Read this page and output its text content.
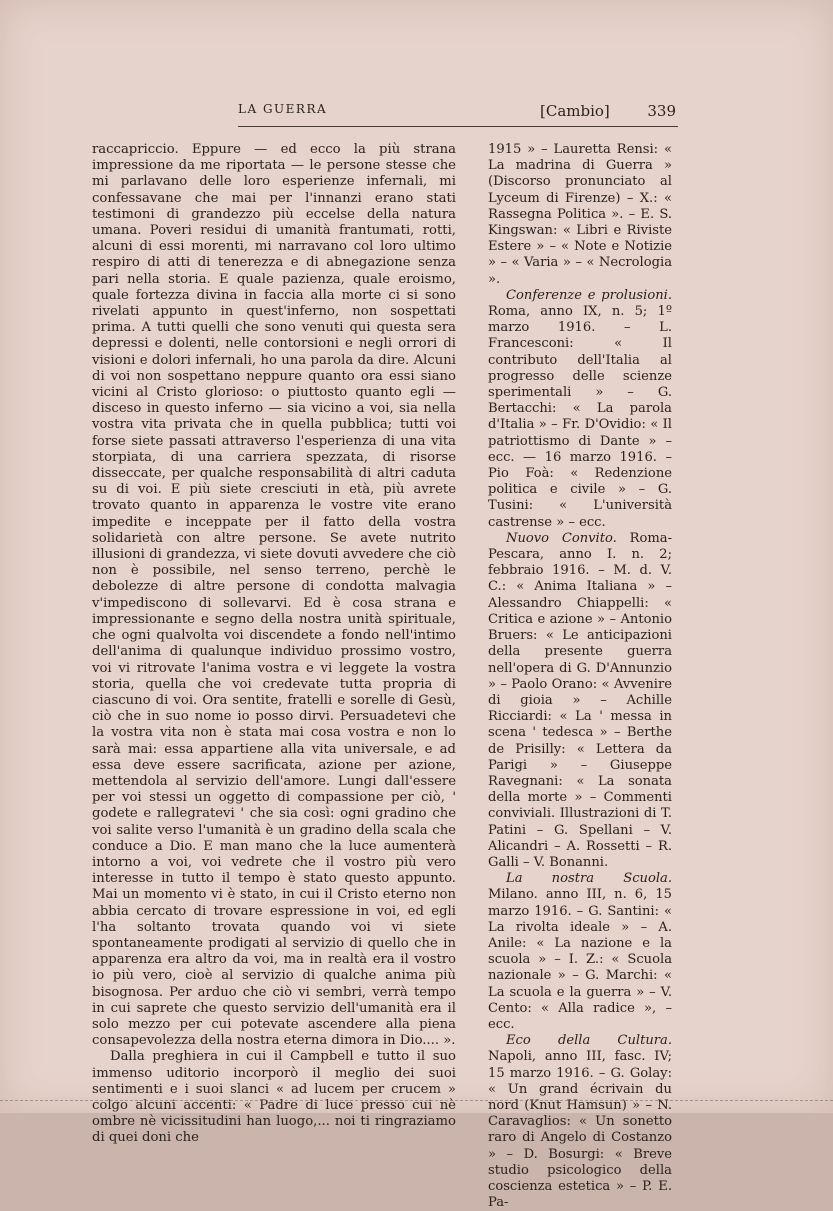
LA GUERRA	[Cambio]	339

raccapriccio. Eppure — ed ecco la più strana impressione da me riportata — le persone stesse che mi parlavano delle loro esperienze infernali, mi confessavane che mai per l'innanzi erano stati testimoni di grandezzo più eccelse della natura umana. Poveri residui di umanità frantumati, rotti, alcuni di essi morenti, mi narravano col loro ultimo respiro di atti di tenerezza e di abnegazione senza pari nella storia. E quale pazienza, quale eroismo, quale fortezza divina in faccia alla morte ci si sono rivelati appunto in quest'inferno, non sospettati prima. A tutti quelli che sono venuti qui questa sera depressi e dolenti, nelle contorsioni e negli orrori di visioni e dolori infernali, ho una parola da dire. Alcuni di voi non sospettano neppure quanto ora essi siano vicini al Cristo glorioso: o piuttosto quanto egli — disceso in questo inferno — sia vicino a voi, sia nella vostra vita privata che in quella pubblica; tutti voi forse siete passati attraverso l'esperienza di una vita storpiata, di una carriera spezzata, di risorse disseccate, per qualche responsabilità di altri caduta su di voi. E più siete cresciuti in età, più avrete trovato quanto in apparenza le vostre vite erano impedite e inceppate per il fatto della vostra solidarietà con altre persone. Se avete nutrito illusioni di grandezza, vi siete dovuti avvedere che ciò non è possibile, nel senso terreno, perchè le debolezze di altre persone di condotta malvagia v'impediscono di sollevarvi. Ed è cosa strana e impressionante e segno della nostra unità spirituale, che ogni qualvolta voi discendete a fondo nell'intimo dell'anima di qualunque individuo prossimo vostro, voi vi ritrovate l'anima vostra e vi leggete la vostra storia, quella che voi credevate tutta propria di ciascuno di voi. Ora sentite, fratelli e sorelle di Gesù, ciò che in suo nome io posso dirvi. Persuadetevi che la vostra vita non è stata mai cosa vostra e non lo sarà mai: essa appartiene alla vita universale, e ad essa deve essere sacrificata, azione per azione, mettendola al servizio dell'amore. Lungi dall'essere per voi stessi un oggetto di compassione per ciò, ' godete e rallegratevi ' che sia così: ogni gradino che voi salite verso l'umanità è un gradino della scala che conduce a Dio. E man mano che la luce aumenterà intorno a voi, voi vedrete che il vostro più vero interesse in tutto il tempo è stato questo appunto. Mai un momento vi è stato, in cui il Cristo eterno non abbia cercato di trovare espressione in voi, ed egli l'ha soltanto trovata quando voi vi siete spontaneamente prodigati al servizio di quello che in apparenza era altro da voi, ma in realtà era il vostro io più vero, cioè al servizio di qualche anima più bisognosa. Per arduo che ciò vi sembri, verrà tempo in cui saprete che questo servizio dell'umanità era il solo mezzo per cui potevate ascendere alla piena consapevolezza della nostra eterna dimora in Dio.... ».

Dalla preghiera in cui il Campbell e tutto il suo immenso uditorio incorporò il meglio dei suoi sentimenti e i suoi slanci « ad lucem per crucem » colgo alcuni accenti: « Padre di luce presso cui nè ombre nè vicissitudini han luogo,... noi ti ringraziamo di quei doni che

1915 » – Lauretta Rensi: « La madrina di Guerra » (Discorso pronunciato al Lyceum di Firenze) – X.: « Rassegna Politica ». – E. S. Kingswan: « Libri e Riviste Estere » – « Note e Notizie » – « Varia » – « Necrologia ».

Conferenze e prolusioni. Roma, anno IX, n. 5; 1º marzo 1916. – L. Francesconi: « Il contributo dell'Italia al progresso delle scienze sperimentali » – G. Bertacchi: « La parola d'Italia » – Fr. D'Ovidio: « Il patriottismo di Dante » – ecc. — 16 marzo 1916. – Pio Foà: « Redenzione politica e civile » – G. Tusini: « L'università castrense » – ecc.

Nuovo Convito. Roma-Pescara, anno I. n. 2; febbraio 1916. – M. d. V. C.: « Anima Italiana » – Alessandro Chiappelli: « Critica e azione » – Antonio Bruers: « Le anticipazioni della presente guerra nell'opera di G. D'Annunzio » – Paolo Orano: « Avvenire di gioia » – Achille Ricciardi: « La ' messa in scena ' tedesca » – Berthe de Prisilly: « Lettera da Parigi » – Giuseppe Ravegnani: « La sonata della morte » – Commenti conviviali. Illustrazioni di T. Patini – G. Spellani – V. Alicandri – A. Rossetti – R. Galli – V. Bonanni.

La nostra Scuola. Milano. anno III, n. 6, 15 marzo 1916. – G. Santini: « La rivolta ideale » – A. Anile: « La nazione e la scuola » – I. Z.: « Scuola nazionale » – G. Marchi: « La scuola e la guerra » – V. Cento: « Alla radice », – ecc.

Eco della Cultura. Napoli, anno III, fasc. IV; 15 marzo 1916. – G. Golay: « Un grand écrivain du nord (Knut Hamsun) » – N. Caravaglios: « Un sonetto raro di Angelo di Costanzo » – D. Bosurgi: « Breve studio psicologico della coscienza estetica » – P. E. Pa-
